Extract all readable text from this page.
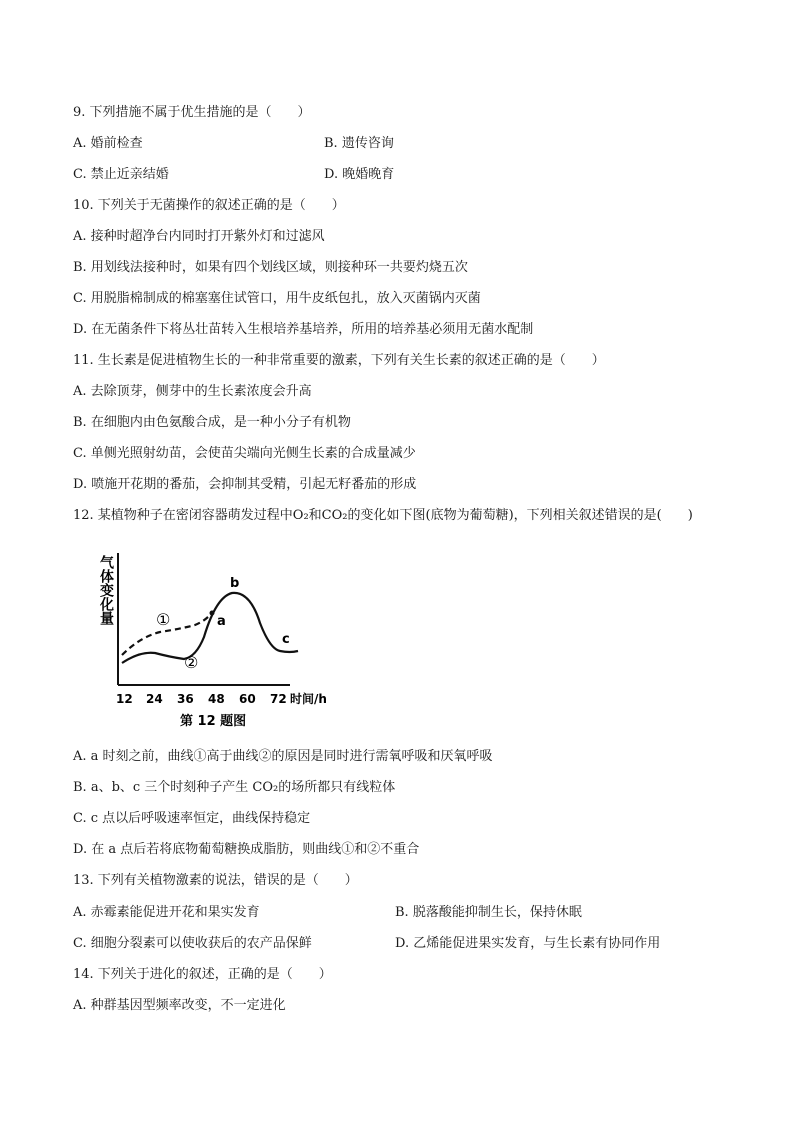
9. 下列措施不属于优生措施的是（　　）
A. 婚前检查	B. 遗传咨询
C. 禁止近亲结婚	D. 晚婚晚育
10. 下列关于无菌操作的叙述正确的是（　　）
A. 接种时超净台内同时打开紫外灯和过滤风
B. 用划线法接种时，如果有四个划线区域，则接种环一共要灼烧五次
C. 用脱脂棉制成的棉塞塞住试管口，用牛皮纸包扎，放入灭菌锅内灭菌
D. 在无菌条件下将丛壮苗转入生根培养基培养，所用的培养基必须用无菌水配制
11. 生长素是促进植物生长的一种非常重要的激素，下列有关生长素的叙述正确的是（　　）
A. 去除顶芽，侧芽中的生长素浓度会升高
B. 在细胞内由色氨酸合成，是一种小分子有机物
C. 单侧光照射幼苗，会使苗尖端向光侧生长素的合成量减少
D. 喷施开花期的番茄，会抑制其受精，引起无籽番茄的形成
12. 某植物种子在密闭容器萌发过程中O₂和CO₂的变化如下图(底物为葡萄糖)，下列相关叙述错误的是(　　)
气体变化量	a
b
c
①
②
12 24 36 48 60 72 时间/h
第 12 题图
A. a 时刻之前，曲线①高于曲线②的原因是同时进行需氧呼吸和厌氧呼吸
B. a、b、c 三个时刻种子产生 CO₂的场所都只有线粒体
C. c 点以后呼吸速率恒定，曲线保持稳定
D. 在 a 点后若将底物葡萄糖换成脂肪，则曲线①和②不重合
13. 下列有关植物激素的说法，错误的是（　　）
A. 赤霉素能促进开花和果实发育	B. 脱落酸能抑制生长，保持休眠
C. 细胞分裂素可以使收获后的农产品保鲜	D. 乙烯能促进果实发育，与生长素有协同作用
14. 下列关于进化的叙述，正确的是（　　）
A. 种群基因型频率改变，不一定进化
